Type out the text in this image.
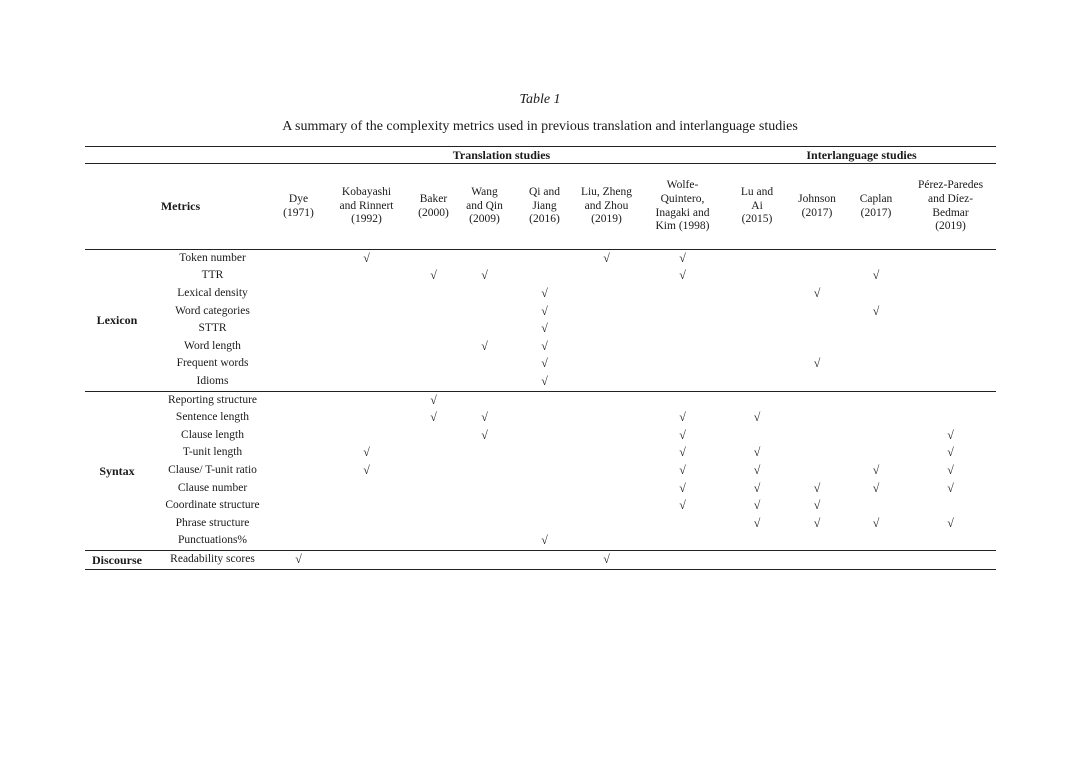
Table 1
A summary of the complexity metrics used in previous translation and interlanguage studies
		Translation studies							Interlanguage studies			
Metrics		Dye (1971)	Kobayashi and Rinnert (1992)	Baker (2000)	Wang and Qin (2009)	Qi and Jiang (2016)	Liu, Zheng and Zhou (2019)	Wolfe-Quintero, Inagaki and Kim (1998)	Lu and Ai (2015)	Johnson (2017)	Caplan (2017)	Pérez-Paredes and Díez-Bedmar (2019)

Lexicon	Token number		√				√	√				
	TTR			√	√			√			√	
	Lexical density					√				√		
	Word categories					√					√	
	STTR					√						
	Word length				√	√						
	Frequent words					√				√		
	Idioms					√						
Syntax	Reporting structure			√								
	Sentence length			√	√			√	√			
	Clause length				√			√				√
	T-unit length		√					√	√			√
	Clause/ T-unit ratio		√					√	√		√	√
	Clause number							√	√	√	√	√
	Coordinate structure							√	√	√		
	Phrase structure								√	√	√	√
	Punctuations%					√						
Discourse	Readability scores	√					√					
